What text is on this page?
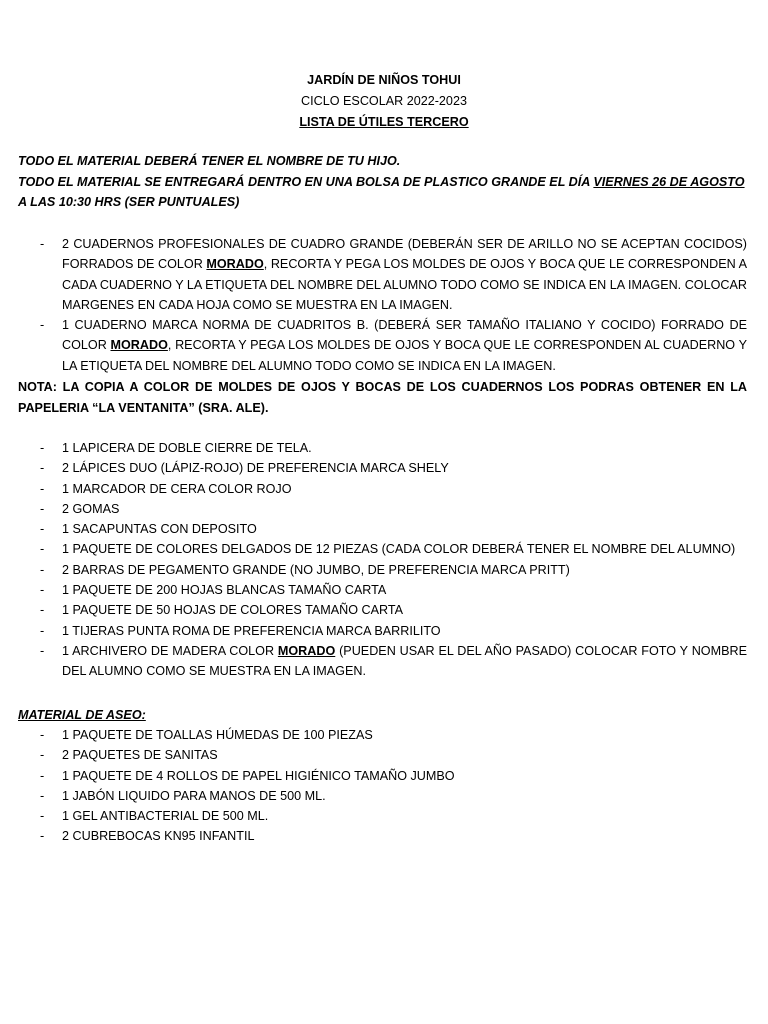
JARDÍN DE NIÑOS TOHUI
CICLO ESCOLAR 2022-2023
LISTA DE ÚTILES TERCERO
TODO EL MATERIAL DEBERÁ TENER EL NOMBRE DE TU HIJO.
TODO EL MATERIAL SE ENTREGARÁ DENTRO EN UNA BOLSA DE PLASTICO GRANDE EL DÍA VIERNES 26 DE AGOSTO A LAS 10:30 HRS (SER PUNTUALES)
- 2 CUADERNOS PROFESIONALES DE CUADRO GRANDE (DEBERÁN SER DE ARILLO NO SE ACEPTAN COCIDOS) FORRADOS DE COLOR MORADO, RECORTA Y PEGA LOS MOLDES DE OJOS Y BOCA QUE LE CORRESPONDEN A CADA CUADERNO Y LA ETIQUETA DEL NOMBRE DEL ALUMNO TODO COMO SE INDICA EN LA IMAGEN. COLOCAR MARGENES EN CADA HOJA COMO SE MUESTRA EN LA IMAGEN.
- 1 CUADERNO MARCA NORMA DE CUADRITOS B. (DEBERÁ SER TAMAÑO ITALIANO Y COCIDO) FORRADO DE COLOR MORADO, RECORTA Y PEGA LOS MOLDES DE OJOS Y BOCA QUE LE CORRESPONDEN AL CUADERNO Y LA ETIQUETA DEL NOMBRE DEL ALUMNO TODO COMO SE INDICA EN LA IMAGEN.
NOTA: LA COPIA A COLOR DE MOLDES DE OJOS Y BOCAS DE LOS CUADERNOS LOS PODRAS OBTENER EN LA PAPELERIA “LA VENTANITA” (SRA. ALE).
- 1 LAPICERA DE DOBLE CIERRE DE TELA.
- 2 LÁPICES DUO (LÁPIZ-ROJO) DE PREFERENCIA MARCA SHELY
- 1 MARCADOR DE CERA COLOR ROJO
- 2 GOMAS
- 1 SACAPUNTAS CON DEPOSITO
- 1 PAQUETE DE COLORES DELGADOS DE 12 PIEZAS (CADA COLOR DEBERÁ TENER EL NOMBRE DEL ALUMNO)
- 2 BARRAS DE PEGAMENTO GRANDE (NO JUMBO, DE PREFERENCIA MARCA PRITT)
- 1 PAQUETE DE 200 HOJAS BLANCAS TAMAÑO CARTA
- 1 PAQUETE DE 50 HOJAS DE COLORES TAMAÑO CARTA
- 1 TIJERAS PUNTA ROMA DE PREFERENCIA MARCA BARRILITO
- 1 ARCHIVERO DE MADERA COLOR MORADO (PUEDEN USAR EL DEL AÑO PASADO) COLOCAR FOTO Y NOMBRE DEL ALUMNO COMO SE MUESTRA EN LA IMAGEN.
MATERIAL DE ASEO:
- 1 PAQUETE DE TOALLAS HÚMEDAS DE 100 PIEZAS
- 2 PAQUETES DE SANITAS
- 1 PAQUETE DE 4 ROLLOS DE PAPEL HIGIÉNICO TAMAÑO JUMBO
- 1 JABÓN LIQUIDO PARA MANOS DE 500 ML.
- 1 GEL ANTIBACTERIAL DE 500 ML.
- 2 CUBREBOCAS KN95 INFANTIL
